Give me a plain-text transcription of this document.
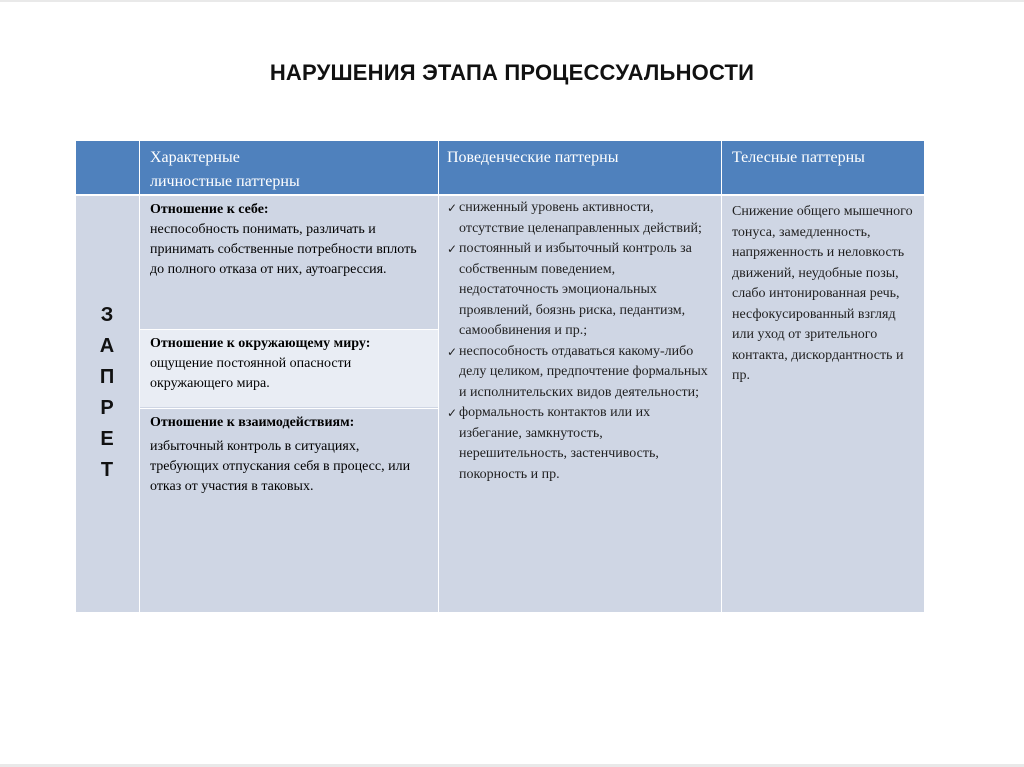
НАРУШЕНИЯ ЭТАПА ПРОЦЕССУАЛЬНОСТИ
Характерные
личностные паттерны
Поведенческие паттерны	Телесные паттерны
З
А
П
Р
Е
Т
Отношение к себе:
неспособность понимать, различать и принимать собственные потребности вплоть до полного отказа от них, аутоагрессия.
Отношение к окружающему миру:
ощущение постоянной опасности окружающего мира.
Отношение к взаимодействиям:
избыточный контроль в ситуациях, требующих отпускания себя в процесс, или отказ от участия в таковых.
✓ сниженный уровень активности, отсутствие целенаправленных действий;
✓ постоянный и избыточный контроль за собственным поведением, недостаточность эмоциональных проявлений, боязнь риска, педантизм, самообвинения и пр.;
✓ неспособность отдаваться какому-либо делу целиком, предпочтение формальных и исполнительских видов деятельности;
✓ формальность контактов или их избегание, замкнутость, нерешительность, застенчивость, покорность и пр.
Снижение общего мышечного тонуса, замедленность, напряженность и неловкость движений, неудобные позы, слабо интонированная речь, несфокусированный взгляд или уход от зрительного контакта, дискордантность и пр.
